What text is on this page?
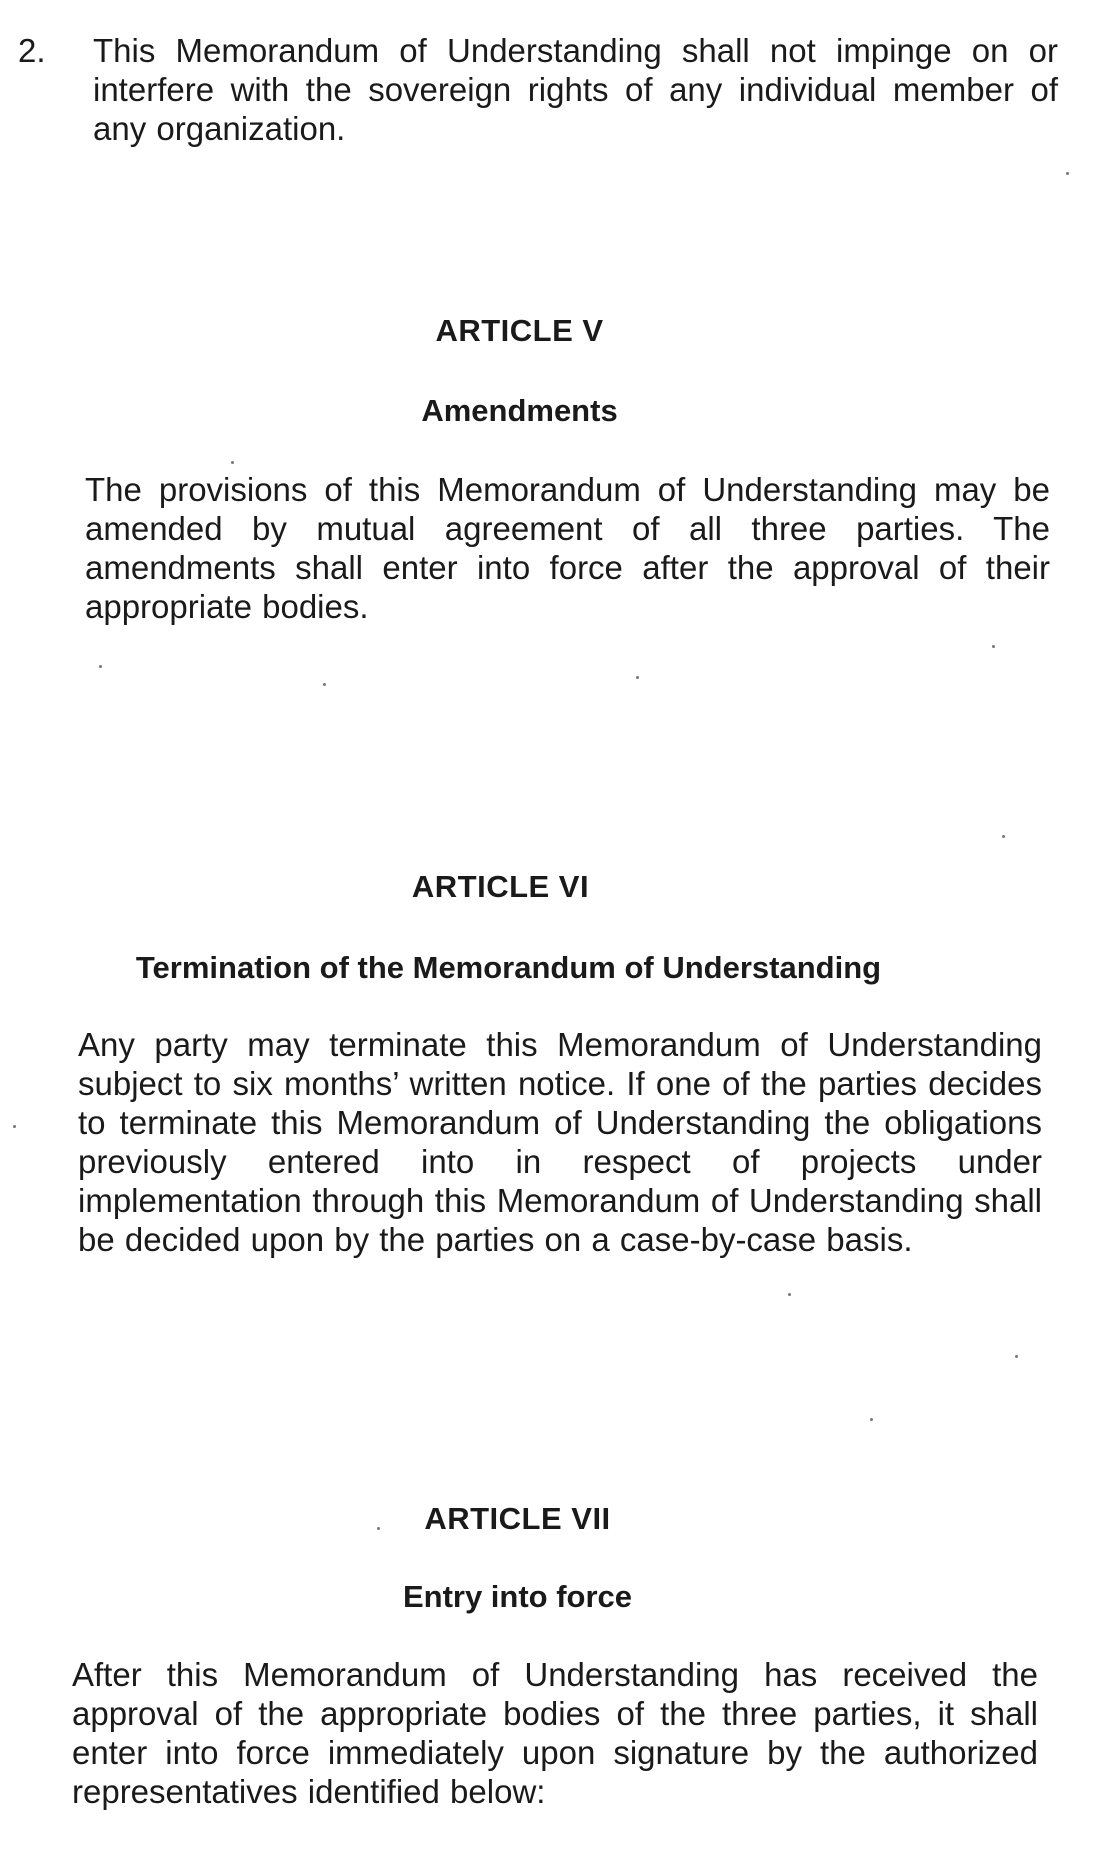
2. This Memorandum of Understanding shall not impinge on or interfere with the sovereign rights of any individual member of any organization.

ARTICLE V
Amendments

The provisions of this Memorandum of Understanding may be amended by mutual agreement of all three parties. The amendments shall enter into force after the approval of their appropriate bodies.

ARTICLE VI
Termination of the Memorandum of Understanding

Any party may terminate this Memorandum of Understanding subject to six months’ written notice. If one of the parties decides to terminate this Memorandum of Understanding the obligations previously entered into in respect of projects under implementation through this Memorandum of Understanding shall be decided upon by the parties on a case-by-case basis.

ARTICLE VII
Entry into force

After this Memorandum of Understanding has received the approval of the appropriate bodies of the three parties, it shall enter into force immediately upon signature by the authorized representatives identified below:
